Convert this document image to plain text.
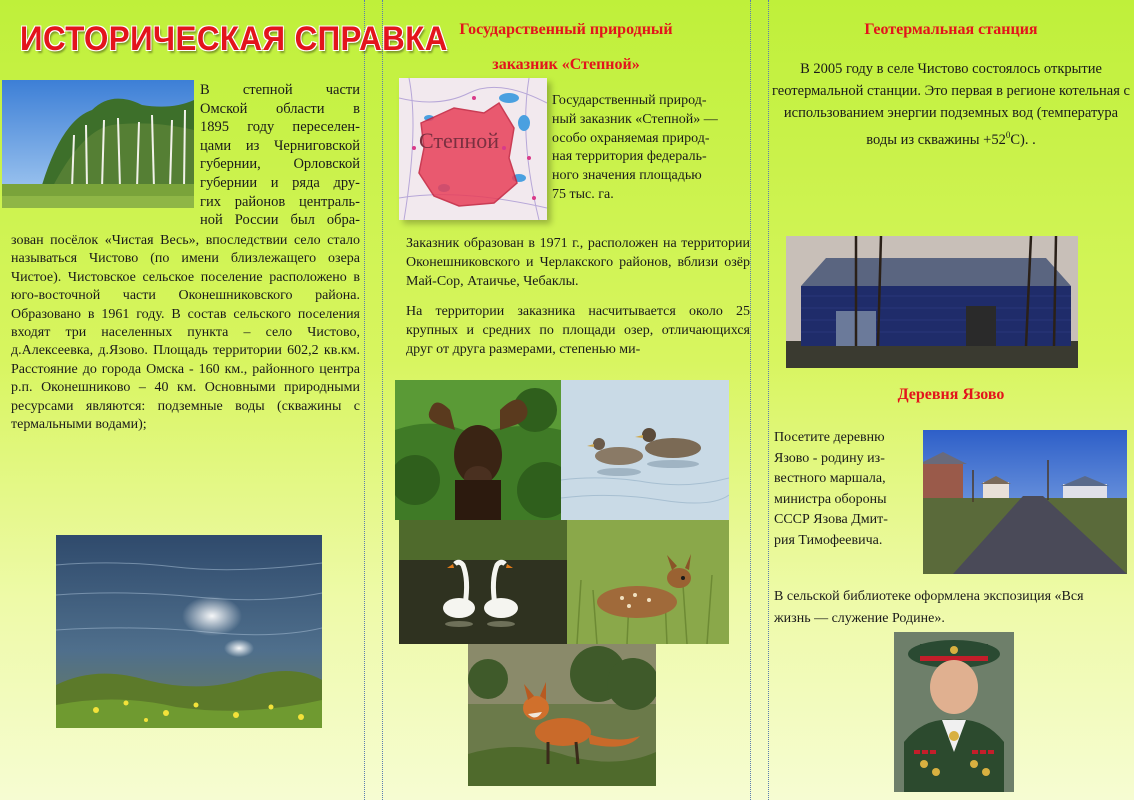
ИСТОРИЧЕСКАЯ СПРАВКА
В степной части
Омской области в
1895 году переселен-
цами из Черниговской
губернии, Орловской
губернии и ряда дру-
гих районов централь-
ной России был обра-

зован посёлок «Чистая Весь», впоследствии село стало называться Чистово (по имени близлежащего озера Чистое). Чистовское сельское поселение расположено в юго-восточной части Оконешниковского района. Образовано в 1961 году. В состав сельского поселения входят три населенных пункта – село Чистово, д.Алексеевка, д.Язово. Площадь территории 602,2 кв.км. Расстояние до города Омска - 160 км., районного центра р.п. Оконешниково – 40 км. Основными природными ресурсами являются: подземные воды (скважины с термальными водами);

Государственный природный

заказник «Степной»

Степной
Государственный природ-
ный заказник «Степной» —
особо охраняемая природ-
ная территория федераль-
ного значения площадью
75 тыс. га.

Заказник образован в 1971 г., расположен на территории Оконешниковского и Черлакского районов, вблизи озёр Май-Сор, Атаичье, Чебаклы.

На территории заказника насчитывается около 25 крупных и средних по площади озер, отличающихся друг от друга размерами, степенью ми-

Геотермальная станция

В 2005 году в селе Чистово состоялось открытие геотермальной станции. Это первая в регионе котельная с использованием энергии подземных вод (температура воды из скважины $+52^0С$). .

Деревня Язово

Посетите деревню
Язово - родину из-
вестного маршала,
министра обороны
СССР Язова Дмит-
рия Тимофеевича.

В сельской библиотеке оформлена экспозиция «Вся жизнь — служение Родине».
